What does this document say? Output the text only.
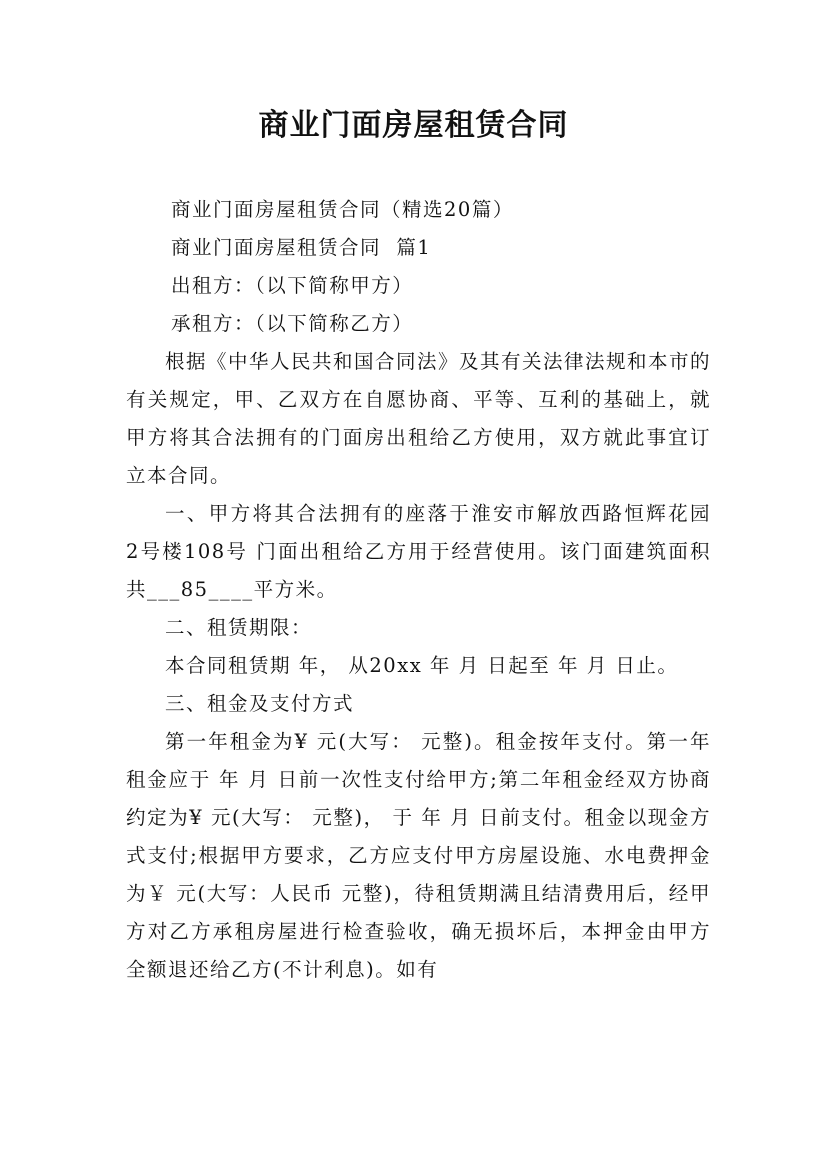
商业门面房屋租赁合同

商业门面房屋租赁合同（精选20篇）

商业门面房屋租赁合同  篇1

出租方：（以下简称甲方）

承租方：（以下简称乙方）

根据《中华人民共和国合同法》及其有关法律法规和本市的有关规定，甲、乙双方在自愿协商、平等、互利的基础上，就甲方将其合法拥有的门面房出租给乙方使用，双方就此事宜订立本合同。

一、甲方将其合法拥有的座落于淮安市解放西路恒辉花园 2号楼108号 门面出租给乙方用于经营使用。该门面建筑面积共___85____平方米。

二、租赁期限：

本合同租赁期 年， 从20xx 年 月 日起至 年 月 日止。

三、租金及支付方式

第一年租金为¥ 元(大写： 元整)。租金按年支付。第一年租金应于 年 月 日前一次性支付给甲方;第二年租金经双方协商约定为¥ 元(大写： 元整)， 于 年 月 日前支付。租金以现金方式支付;根据甲方要求，乙方应支付甲方房屋设施、水电费押金为￥ 元(大写：人民币 元整)，待租赁期满且结清费用后，经甲方对乙方承租房屋进行检查验收，确无损坏后，本押金由甲方全额退还给乙方(不计利息)。如有
